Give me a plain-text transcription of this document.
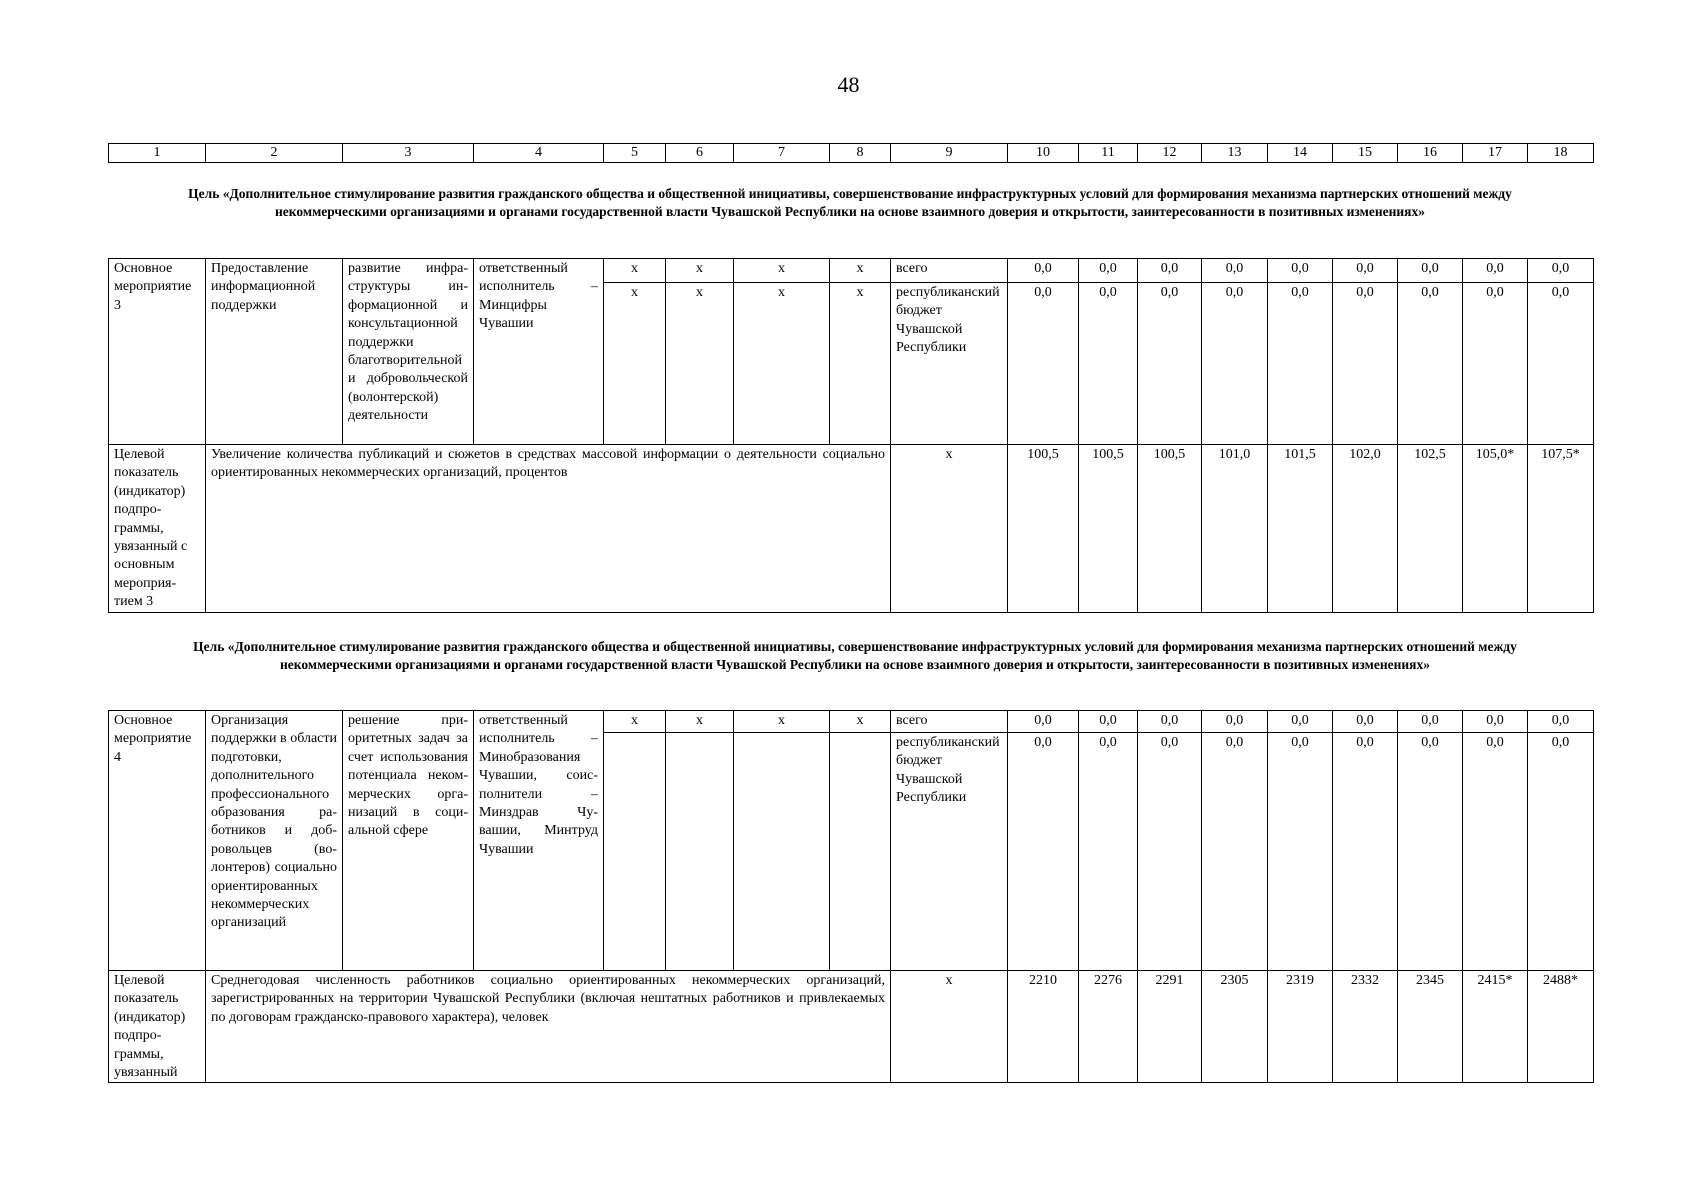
48
1	2	3	4	5	6	7	8	9	10	11	12	13	14	15	16	17	18
Цель «Дополнительное стимулирование развития гражданского общества и общественной инициативы, совершенствование инфраструктурных условий для формирования механизма партнерских отношений между некоммерческими организациями и органами государственной власти Чувашской Республики на основе взаимного доверия и открытости, заинтересованности в позитивных изменениях»
Основное мероприятие 3	Предоставление информационной поддержки	развитие инфраструктуры информационной и консультационной поддержки благотворительной и добровольческой (волонтерской) деятельности	ответственный исполнитель – Минцифры Чувашии	x	x	x	x	всего	0,0	0,0	0,0	0,0	0,0	0,0	0,0	0,0	0,0
				x	x	x	x	республиканский бюджет Чувашской Республики	0,0	0,0	0,0	0,0	0,0	0,0	0,0	0,0	0,0
Целевой показатель (индикатор) подпрограммы, увязанный с основным мероприятием 3	Увеличение количества публикаций и сюжетов в средствах массовой информации о деятельности социально ориентированных некоммерческих организаций, процентов							x	100,5	100,5	100,5	101,0	101,5	102,0	102,5	105,0*	107,5*
Цель «Дополнительное стимулирование развития гражданского общества и общественной инициативы, совершенствование инфраструктурных условий для формирования механизма партнерских отношений между некоммерческими организациями и органами государственной власти Чувашской Республики на основе взаимного доверия и открытости, заинтересованности в позитивных изменениях»
Основное мероприятие 4	Организация поддержки в области подготовки, дополнительного профессионального образования работников и добровольцев (волонтеров) социально ориентированных некоммерческих организаций	решение приоритетных задач за счет использования потенциала некоммерческих организаций в социальной сфере	ответственный исполнитель – Минобразования Чувашии, соисполнители – Минздрав Чувашии, Минтруд Чувашии	x	x	x	x	всего	0,0	0,0	0,0	0,0	0,0	0,0	0,0	0,0	0,0
								республиканский бюджет Чувашской Республики	0,0	0,0	0,0	0,0	0,0	0,0	0,0	0,0	0,0
Целевой показатель (индикатор) подпрограммы, увязанный	Среднегодовая численность работников социально ориентированных некоммерческих организаций, зарегистрированных на территории Чувашской Республики (включая нештатных работников и привлекаемых по договорам гражданско-правового характера), человек							x	2210	2276	2291	2305	2319	2332	2345	2415*	2488*
